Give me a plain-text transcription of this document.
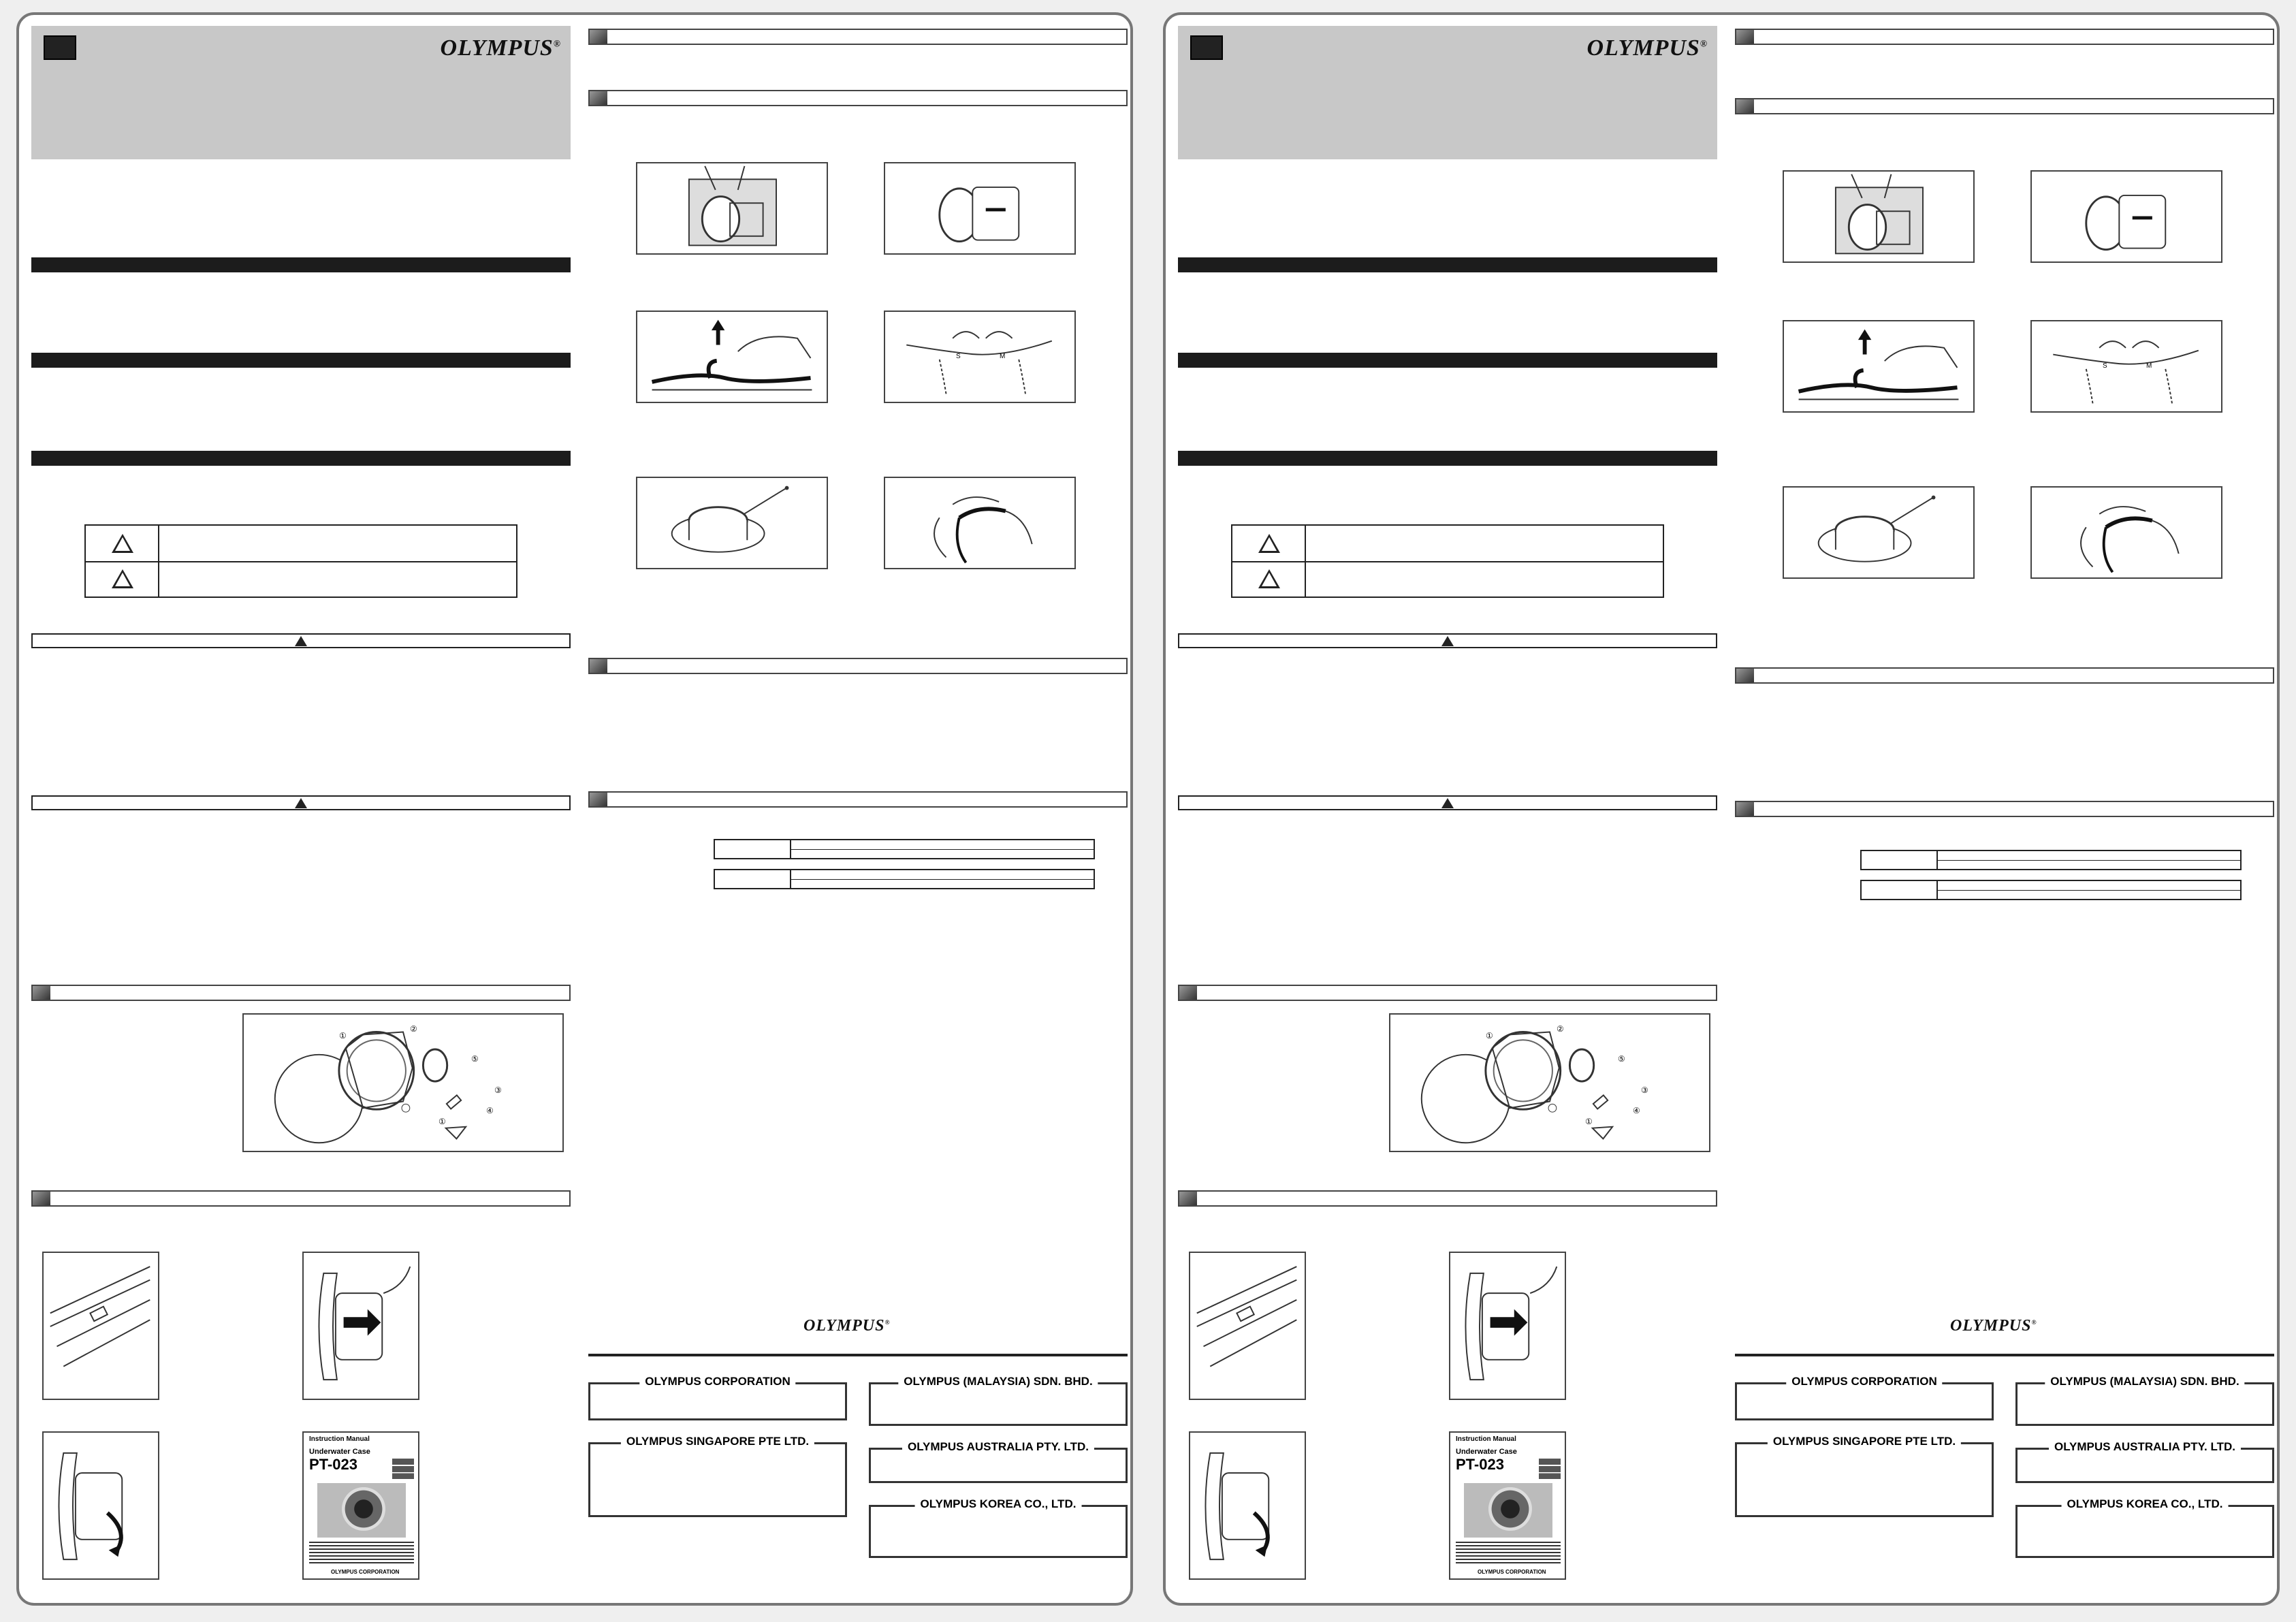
OLYMPUS®
①
②
⑤
③
④
①
Instruction Manual
Underwater Case
PT-023
OLYMPUS CORPORATION
S	M
OLYMPUS®
OLYMPUS CORPORATION
OLYMPUS SINGAPORE PTE LTD.
OLYMPUS (MALAYSIA) SDN. BHD.
OLYMPUS AUSTRALIA PTY. LTD.
OLYMPUS KOREA CO., LTD.
OLYMPUS®
①
②
⑤
③
④
①
Instruction Manual
Underwater Case
PT-023
OLYMPUS CORPORATION
S	M
OLYMPUS®
OLYMPUS CORPORATION
OLYMPUS SINGAPORE PTE LTD.
OLYMPUS (MALAYSIA) SDN. BHD.
OLYMPUS AUSTRALIA PTY. LTD.
OLYMPUS KOREA CO., LTD.
